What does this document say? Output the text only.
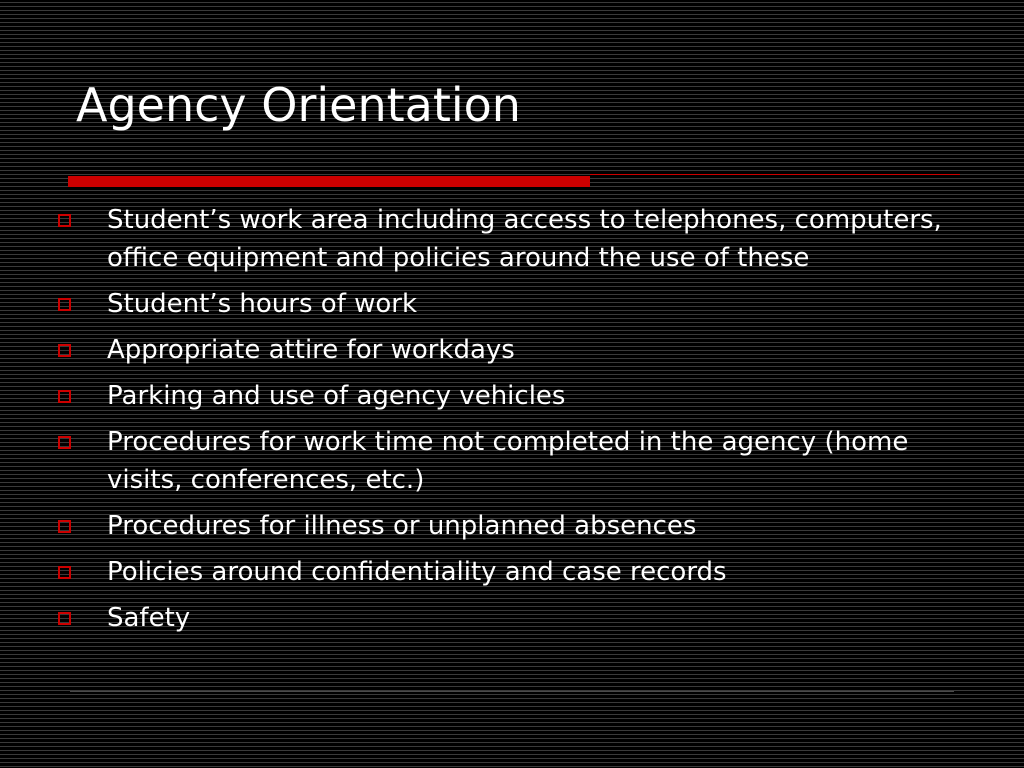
Agency Orientation
Student’s work area including access to telephones, computers, office equipment and policies around the use of these
Student’s hours of work
Appropriate attire for workdays
Parking and use of agency vehicles
Procedures for work time not completed in the agency (home visits, conferences, etc.)
Procedures for illness or unplanned absences
Policies around confidentiality and case records
Safety
